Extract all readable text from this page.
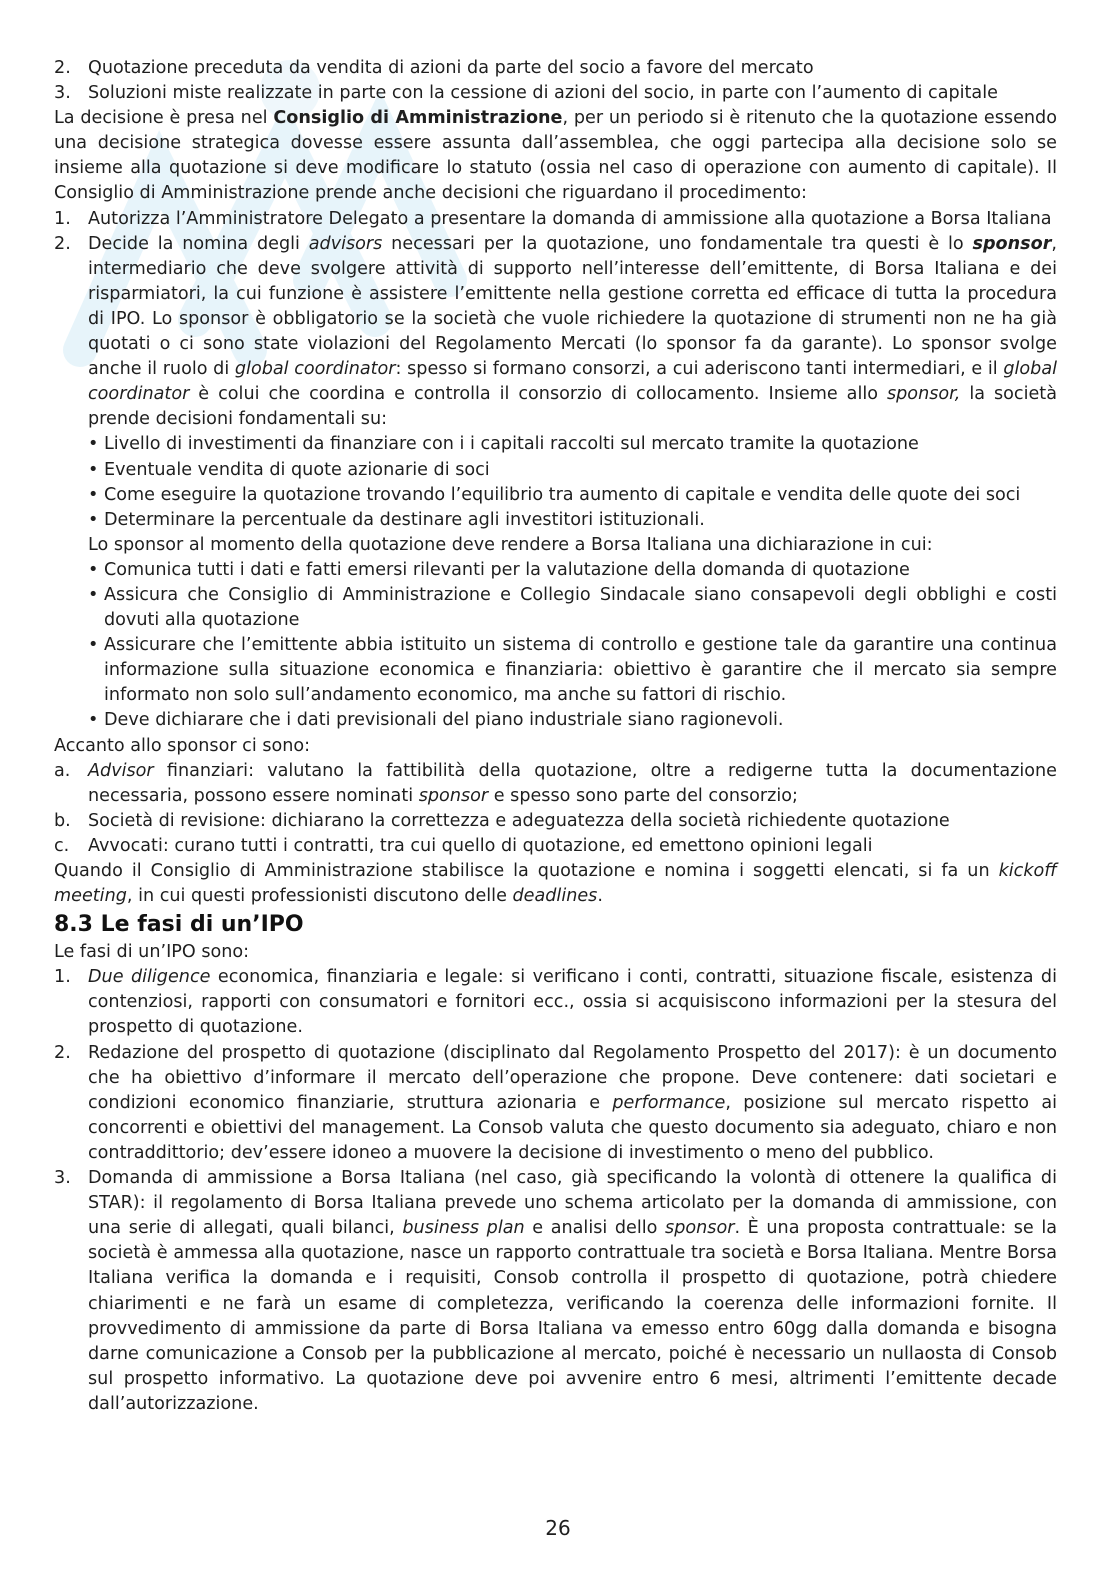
2. Quotazione preceduta da vendita di azioni da parte del socio a favore del mercato
3. Soluzioni miste realizzate in parte con la cessione di azioni del socio, in parte con l’aumento di capitale

La decisione è presa nel Consiglio di Amministrazione, per un periodo si è ritenuto che la quotazione essendo una decisione strategica dovesse essere assunta dall’assemblea, che oggi partecipa alla decisione solo se insieme alla quotazione si deve modificare lo statuto (ossia nel caso di operazione con aumento di capitale). Il Consiglio di Amministrazione prende anche decisioni che riguardano il procedimento:

1. Autorizza l’Amministratore Delegato a presentare la domanda di ammissione alla quotazione a Borsa Italiana
2. Decide la nomina degli advisors necessari per la quotazione, uno fondamentale tra questi è lo sponsor, intermediario che deve svolgere attività di supporto nell’interesse dell’emittente, di Borsa Italiana e dei risparmiatori, la cui funzione è assistere l’emittente nella gestione corretta ed efficace di tutta la procedura di IPO. Lo sponsor è obbligatorio se la società che vuole richiedere la quotazione di strumenti non ne ha già quotati o ci sono state violazioni del Regolamento Mercati (lo sponsor fa da garante). Lo sponsor svolge anche il ruolo di global coordinator: spesso si formano consorzi, a cui aderiscono tanti intermediari, e il global coordinator è colui che coordina e controlla il consorzio di collocamento. Insieme allo sponsor, la società prende decisioni fondamentali su:
• Livello di investimenti da finanziare con i i capitali raccolti sul mercato tramite la quotazione
• Eventuale vendita di quote azionarie di soci
• Come eseguire la quotazione trovando l’equilibrio tra aumento di capitale e vendita delle quote dei soci
• Determinare la percentuale da destinare agli investitori istituzionali.

Lo sponsor al momento della quotazione deve rendere a Borsa Italiana una dichiarazione in cui:

• Comunica tutti i dati e fatti emersi rilevanti per la valutazione della domanda di quotazione
• Assicura che Consiglio di Amministrazione e Collegio Sindacale siano consapevoli degli obblighi e costi dovuti alla quotazione
• Assicurare che l’emittente abbia istituito un sistema di controllo e gestione tale da garantire una continua informazione sulla situazione economica e finanziaria: obiettivo è garantire che il mercato sia sempre informato non solo sull’andamento economico, ma anche su fattori di rischio.
• Deve dichiarare che i dati previsionali del piano industriale siano ragionevoli.

Accanto allo sponsor ci sono:

a.	Advisor finanziari: valutano la fattibilità della quotazione, oltre a redigerne tutta la documentazione necessaria, possono essere nominati sponsor e spesso sono parte del consorzio;
b. Società di revisione: dichiarano la correttezza e adeguatezza della società richiedente quotazione
c.	Avvocati: curano tutti i contratti, tra cui quello di quotazione, ed emettono opinioni legali

Quando il Consiglio di Amministrazione stabilisce la quotazione e nomina i soggetti elencati, si fa un kickoff meeting, in cui questi professionisti discutono delle deadlines.

8.3 Le fasi di un’IPO

Le fasi di un’IPO sono:

1. Due diligence economica, finanziaria e legale: si verificano i conti, contratti, situazione fiscale, esistenza di contenziosi, rapporti con consumatori e fornitori ecc., ossia si acquisiscono informazioni per la stesura del prospetto di quotazione.
2. Redazione del prospetto di quotazione (disciplinato dal Regolamento Prospetto del 2017): è un documento che ha obiettivo d’informare il mercato dell’operazione che propone. Deve contenere: dati societari e condizioni economico finanziarie, struttura azionaria e performance, posizione sul mercato rispetto ai concorrenti e obiettivi del management. La Consob valuta che questo documento sia adeguato, chiaro e non contraddittorio; dev’essere idoneo a muovere la decisione di investimento o meno del pubblico.
3. Domanda di ammissione a Borsa Italiana (nel caso, già specificando la volontà di ottenere la qualifica di STAR): il regolamento di Borsa Italiana prevede uno schema articolato per la domanda di ammissione, con una serie di allegati, quali bilanci, business plan e analisi dello sponsor. È una proposta contrattuale: se la società è ammessa alla quotazione, nasce un rapporto contrattuale tra società e Borsa Italiana. Mentre Borsa Italiana verifica la domanda e i requisiti, Consob controlla il prospetto di quotazione, potrà chiedere chiarimenti e ne farà un esame di completezza, verificando la coerenza delle informazioni fornite. Il provvedimento di ammissione da parte di Borsa Italiana va emesso entro 60gg dalla domanda e bisogna darne comunicazione a Consob per la pubblicazione al mercato, poiché è necessario un nullaosta di Consob sul prospetto informativo. La quotazione deve poi avvenire entro 6 mesi, altrimenti l’emittente decade dall’autorizzazione.
26
